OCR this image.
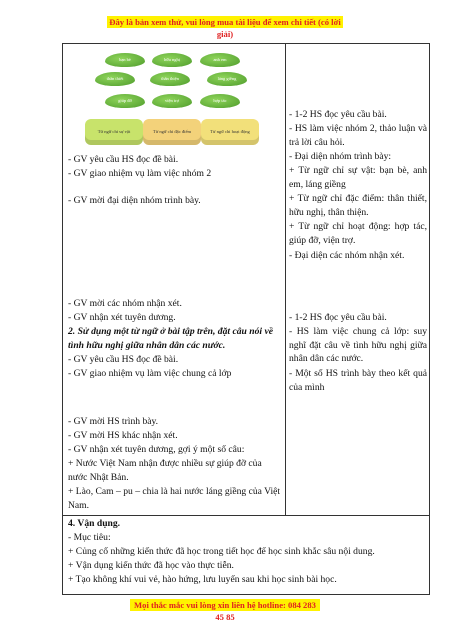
Đây là bản xem thử, vui lòng mua tài liệu để xem chi tiết (có lời giải)
bạn bè	hữu nghị	anh em
thân thiết	thân thiện	láng giềng
giúp đỡ	viện trợ	hợp tác
Từ ngữ chỉ sự vật	Từ ngữ chỉ đặc điểm	Từ ngữ chỉ hoạt động
- GV yêu cầu HS đọc đề bài.
- GV giao nhiệm vụ làm việc nhóm 2
- GV mời đại diện nhóm trình bày.
- 1-2 HS đọc yêu cầu bài.
- HS làm việc nhóm 2, thảo luận và trả lời câu hỏi.
- Đại diện nhóm trình bày:
+ Từ ngữ chỉ sự vật: bạn bè, anh em, láng giềng
+ Từ ngữ chỉ đặc điểm: thân thiết, hữu nghị, thân thiện.
+ Từ ngữ chỉ hoạt động: hợp tác, giúp đỡ, viện trợ.
- Đại diện các nhóm nhận xét.
- GV mời các nhóm nhận xét.
- GV nhận xét tuyên dương.
2. Sử dụng một từ ngữ ở bài tập trên, đặt câu nói về tình hữu nghị giữa nhân dân các nước.
- GV yêu cầu HS đọc đề bài.
- GV giao nhiệm vụ làm việc chung cả lớp
- 1-2 HS đọc yêu cầu bài.
- HS làm việc chung cả lớp: suy nghĩ đặt câu về tình hữu nghị giữa nhân dân các nước.
- Một số HS trình bày theo kết quả của mình
- GV mời HS trình bày.
- GV mời HS khác nhận xét.
- GV nhận xét tuyên dương, gợi ý một số câu:
+ Nước Việt Nam nhận được nhiều sự giúp đỡ của nước Nhật Bản.
+ Lào, Cam – pu – chia là hai nước láng giềng của Việt Nam.
4. Vận dụng.
- Mục tiêu:
+ Củng cố những kiến thức đã học trong tiết học để học sinh khắc sâu nội dung.
+ Vận dụng kiến thức đã học vào thực tiễn.
+ Tạo không khí vui vẻ, hào hứng, lưu luyến sau khi học sinh bài học.
Mọi thắc mắc vui lòng xin liên hệ hotline: 084 283 45 85
